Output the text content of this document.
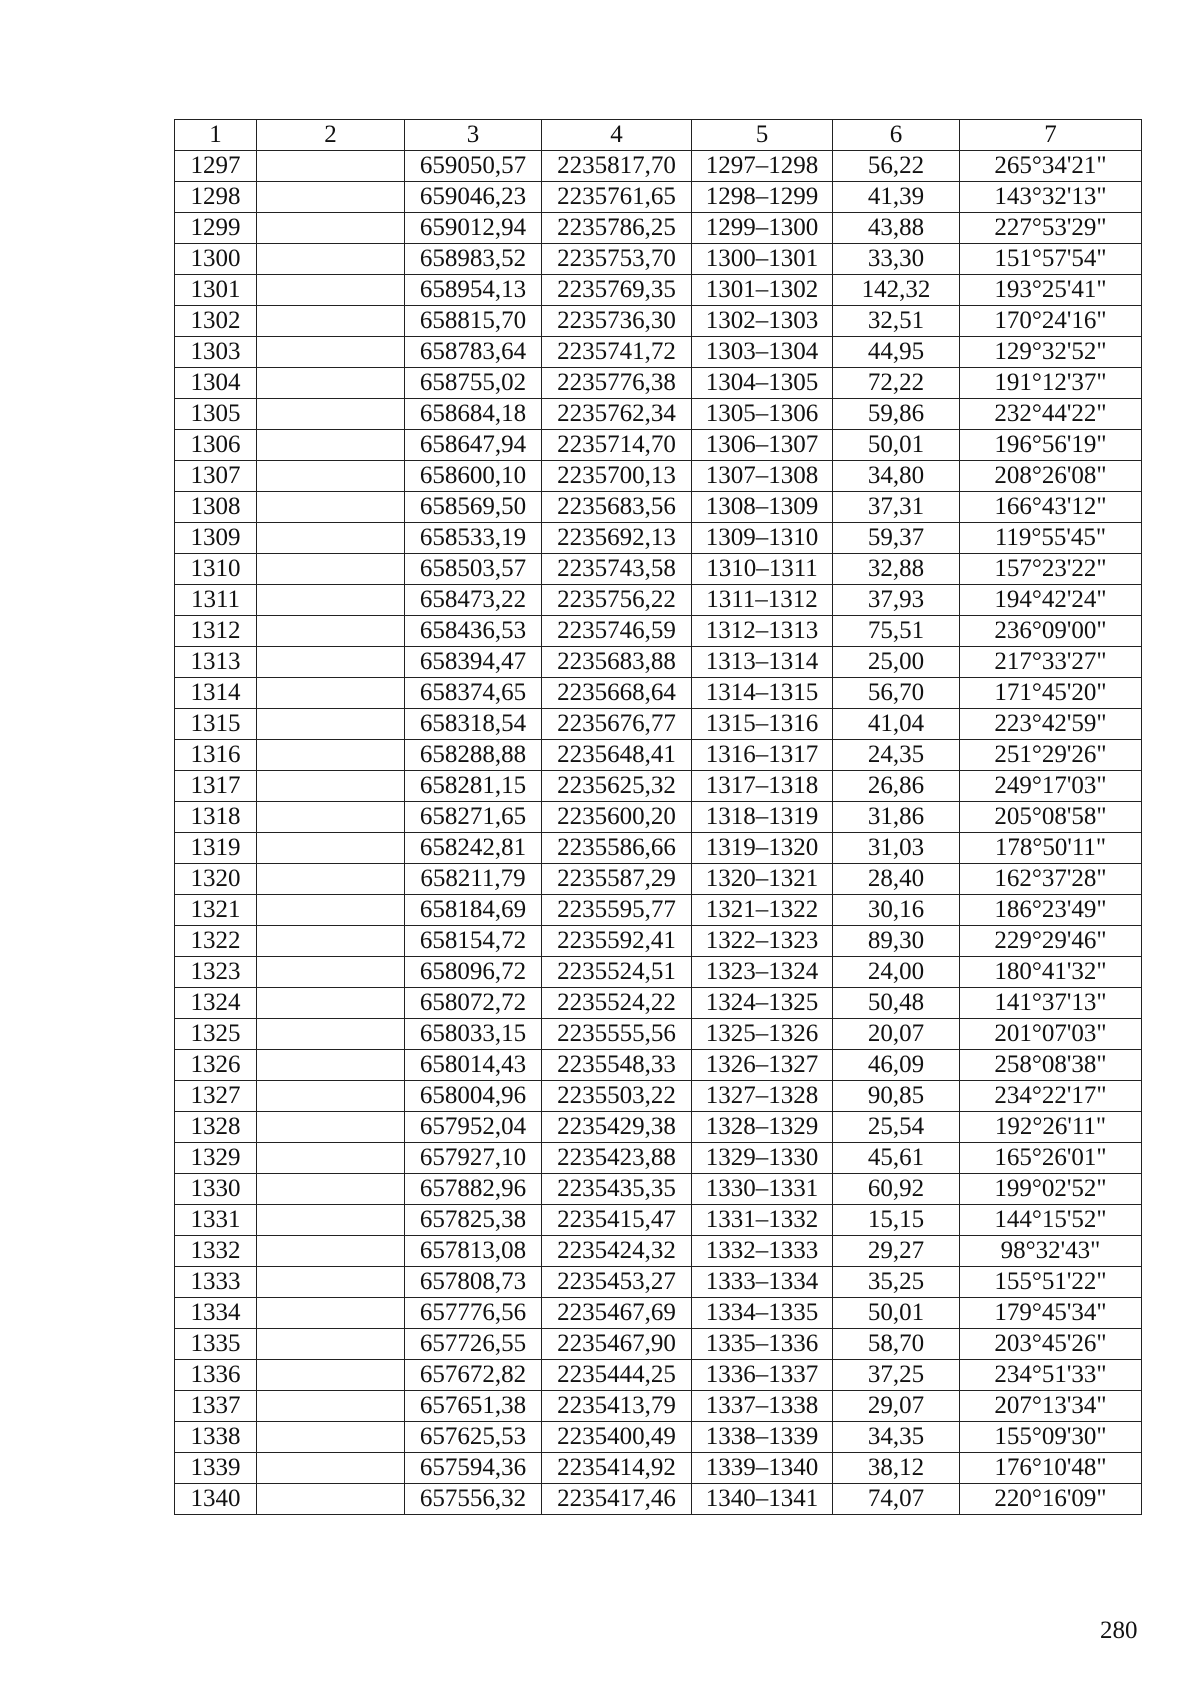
1	2	3	4	5	6	7
1297		659050,57	2235817,70	1297–1298	56,22	265°34'21"
1298		659046,23	2235761,65	1298–1299	41,39	143°32'13"
1299		659012,94	2235786,25	1299–1300	43,88	227°53'29"
1300		658983,52	2235753,70	1300–1301	33,30	151°57'54"
1301		658954,13	2235769,35	1301–1302	142,32	193°25'41"
1302		658815,70	2235736,30	1302–1303	32,51	170°24'16"
1303		658783,64	2235741,72	1303–1304	44,95	129°32'52"
1304		658755,02	2235776,38	1304–1305	72,22	191°12'37"
1305		658684,18	2235762,34	1305–1306	59,86	232°44'22"
1306		658647,94	2235714,70	1306–1307	50,01	196°56'19"
1307		658600,10	2235700,13	1307–1308	34,80	208°26'08"
1308		658569,50	2235683,56	1308–1309	37,31	166°43'12"
1309		658533,19	2235692,13	1309–1310	59,37	119°55'45"
1310		658503,57	2235743,58	1310–1311	32,88	157°23'22"
1311		658473,22	2235756,22	1311–1312	37,93	194°42'24"
1312		658436,53	2235746,59	1312–1313	75,51	236°09'00"
1313		658394,47	2235683,88	1313–1314	25,00	217°33'27"
1314		658374,65	2235668,64	1314–1315	56,70	171°45'20"
1315		658318,54	2235676,77	1315–1316	41,04	223°42'59"
1316		658288,88	2235648,41	1316–1317	24,35	251°29'26"
1317		658281,15	2235625,32	1317–1318	26,86	249°17'03"
1318		658271,65	2235600,20	1318–1319	31,86	205°08'58"
1319		658242,81	2235586,66	1319–1320	31,03	178°50'11"
1320		658211,79	2235587,29	1320–1321	28,40	162°37'28"
1321		658184,69	2235595,77	1321–1322	30,16	186°23'49"
1322		658154,72	2235592,41	1322–1323	89,30	229°29'46"
1323		658096,72	2235524,51	1323–1324	24,00	180°41'32"
1324		658072,72	2235524,22	1324–1325	50,48	141°37'13"
1325		658033,15	2235555,56	1325–1326	20,07	201°07'03"
1326		658014,43	2235548,33	1326–1327	46,09	258°08'38"
1327		658004,96	2235503,22	1327–1328	90,85	234°22'17"
1328		657952,04	2235429,38	1328–1329	25,54	192°26'11"
1329		657927,10	2235423,88	1329–1330	45,61	165°26'01"
1330		657882,96	2235435,35	1330–1331	60,92	199°02'52"
1331		657825,38	2235415,47	1331–1332	15,15	144°15'52"
1332		657813,08	2235424,32	1332–1333	29,27	98°32'43"
1333		657808,73	2235453,27	1333–1334	35,25	155°51'22"
1334		657776,56	2235467,69	1334–1335	50,01	179°45'34"
1335		657726,55	2235467,90	1335–1336	58,70	203°45'26"
1336		657672,82	2235444,25	1336–1337	37,25	234°51'33"
1337		657651,38	2235413,79	1337–1338	29,07	207°13'34"
1338		657625,53	2235400,49	1338–1339	34,35	155°09'30"
1339		657594,36	2235414,92	1339–1340	38,12	176°10'48"
1340		657556,32	2235417,46	1340–1341	74,07	220°16'09"
280
